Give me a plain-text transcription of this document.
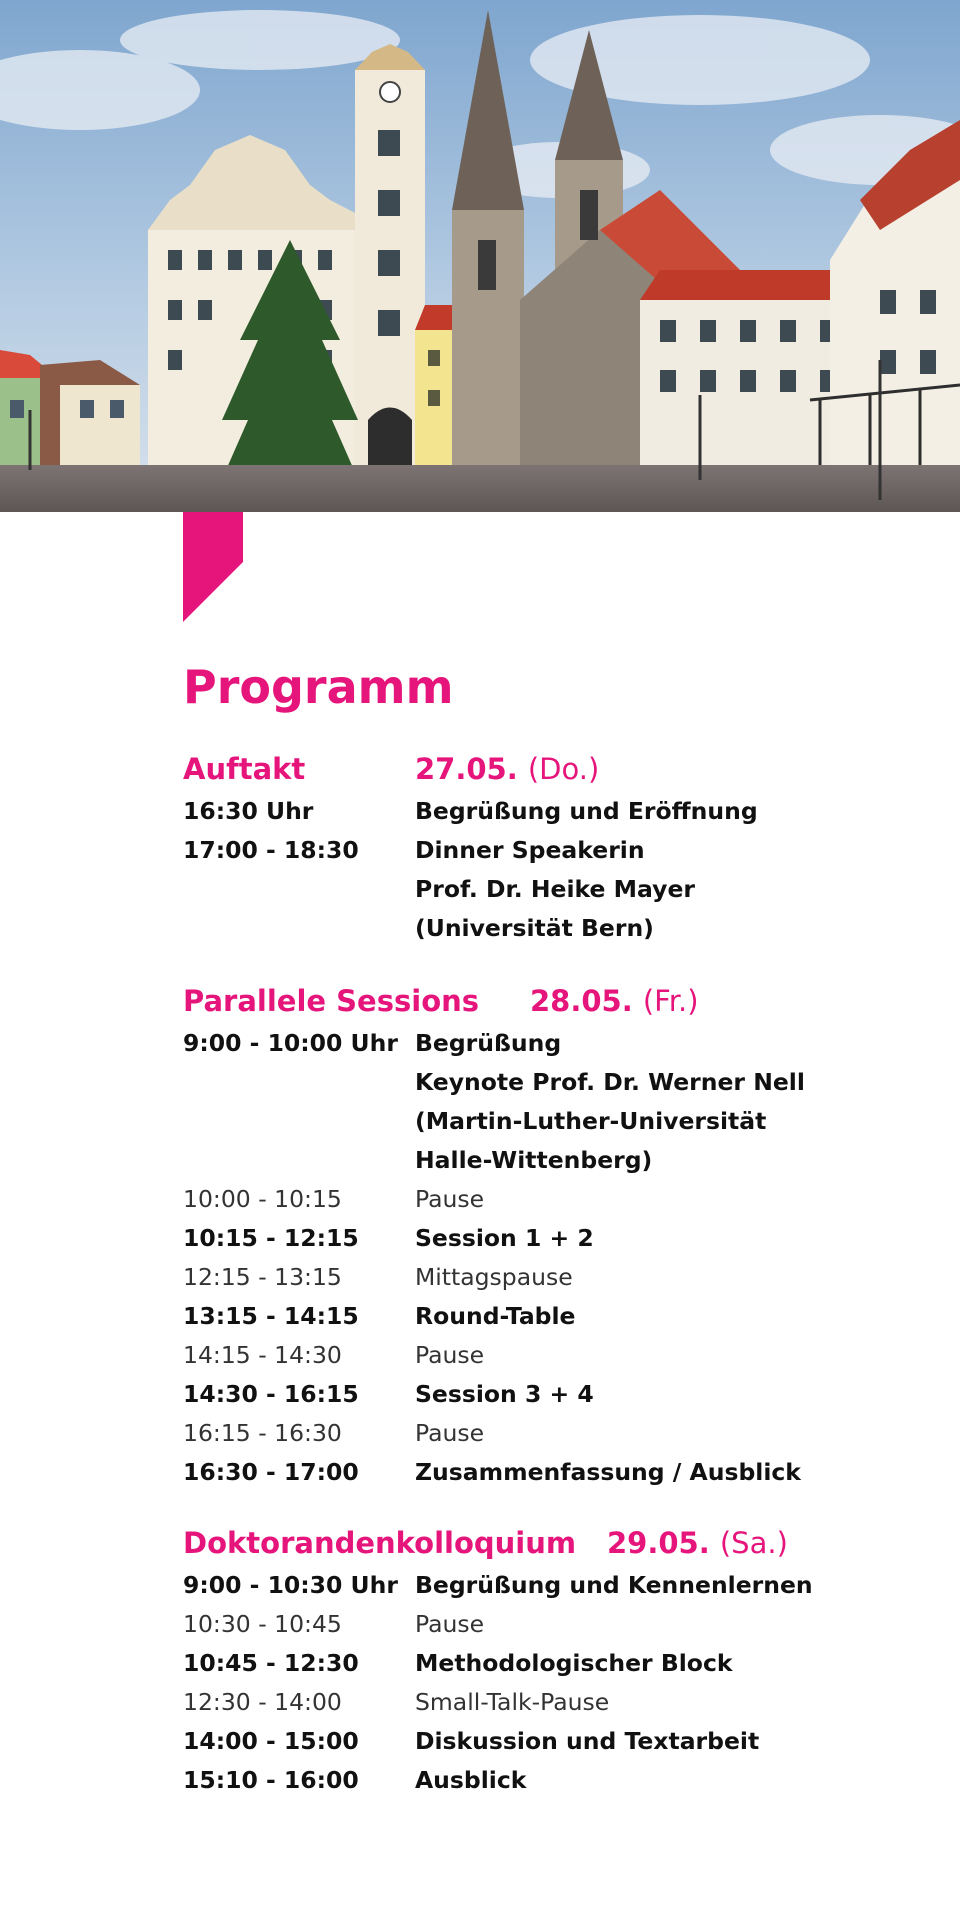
Programm
Auftakt	27.05. (Do.)
16:30 Uhr	Begrüßung und Eröffnung
17:00 - 18:30 Dinner Speakerin
Prof. Dr. Heike Mayer
(Universität Bern)
Parallele Sessions 28.05. (Fr.)
9:00 - 10:00 Uhr Begrüßung
Keynote Prof. Dr. Werner Nell
(Martin-Luther-Universität
Halle-Wittenberg)
10:00 - 10:15	Pause
10:15 - 12:15 Session 1 + 2
12:15 - 13:15	Mittagspause
13:15 - 14:15 Round-Table
14:15 - 14:30	Pause
14:30 - 16:15 Session 3 + 4
16:15 - 16:30	Pause
16:30 - 17:00 Zusammenfassung / Ausblick
Doktorandenkolloquium 29.05. (Sa.)
9:00 - 10:30 Uhr Begrüßung und Kennenlernen
10:30 - 10:45	Pause
10:45 - 12:30 Methodologischer Block
12:30 - 14:00	Small-Talk-Pause
14:00 - 15:00 Diskussion und Textarbeit
15:10 - 16:00 Ausblick
